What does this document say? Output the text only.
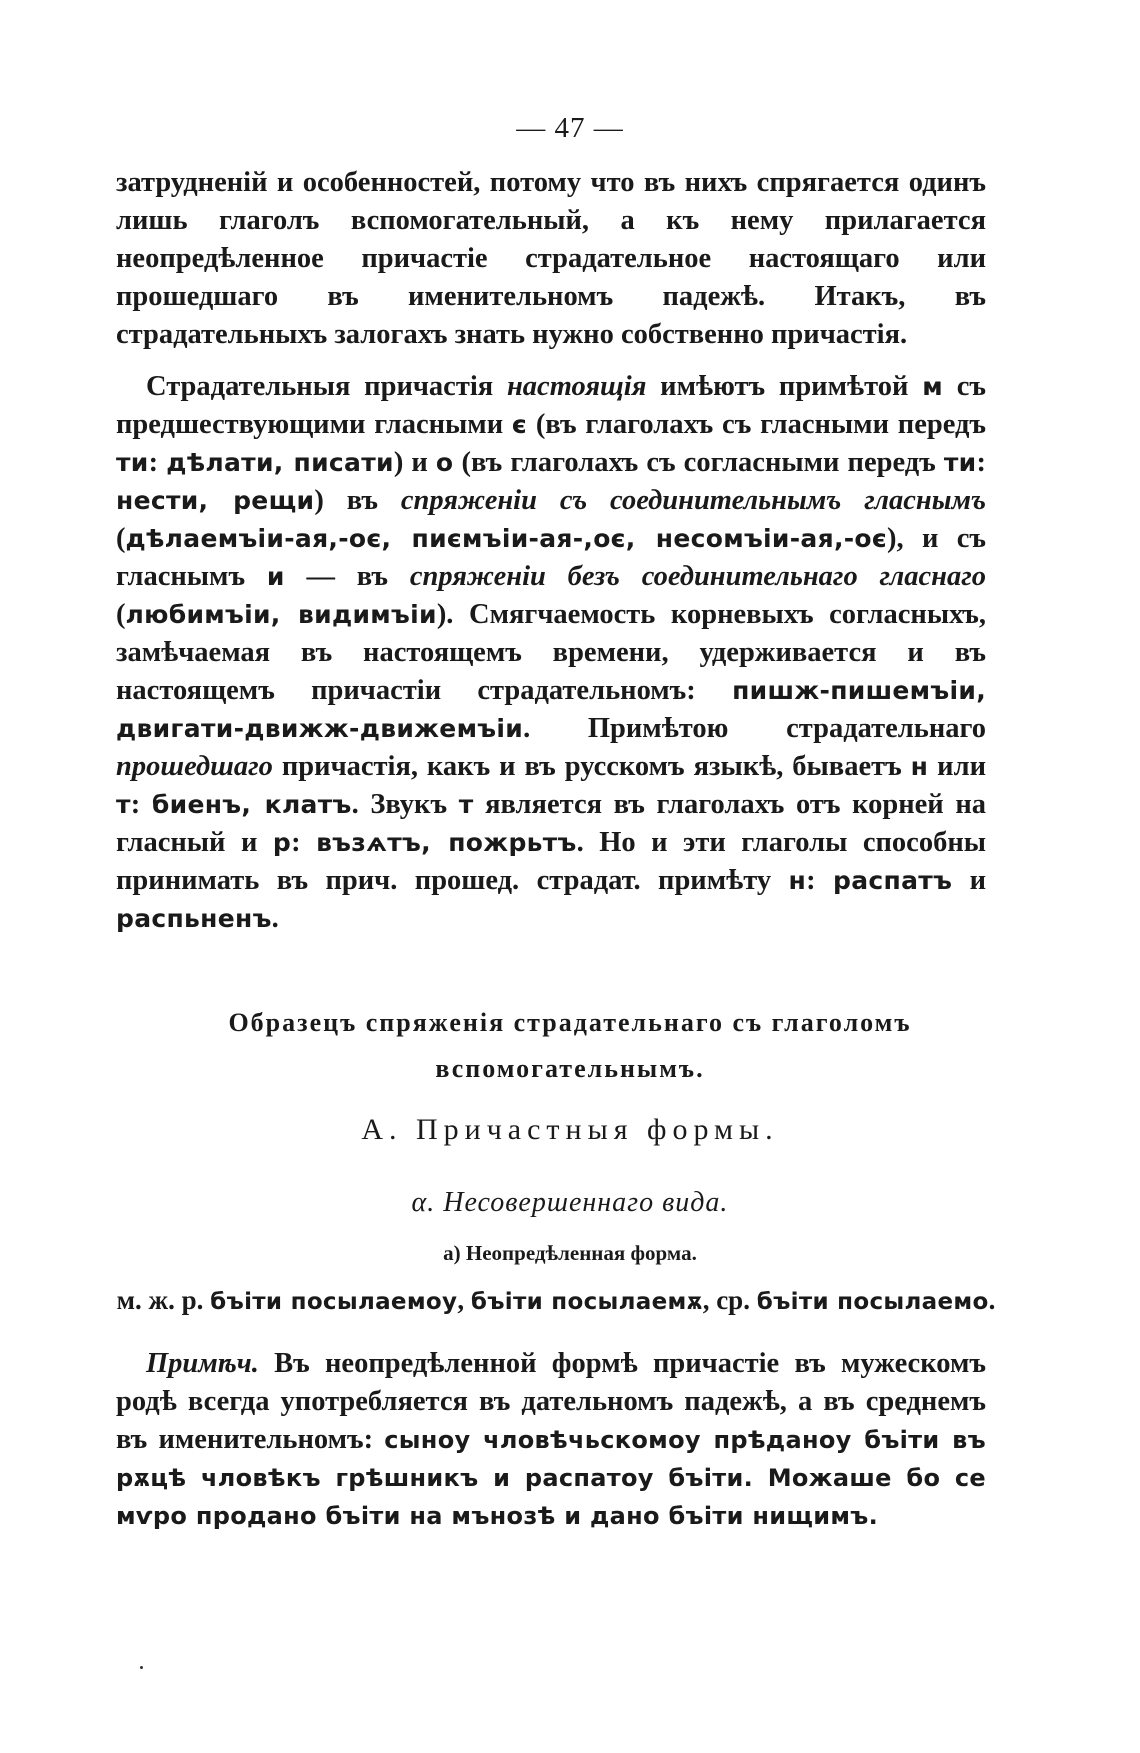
— 47 —
затрудненій и особенностей, потому что въ нихъ спрягается одинъ лишь глаголъ вспомогательный, а къ нему прилагается неопредѣленное причастіе страдательное настоящаго или прошедшаго въ именительномъ падежѣ. Итакъ, въ страдательныхъ залогахъ знать нужно собственно причастія.
Страдательныя причастія настоящія имѣютъ примѣтой м съ предшествующими гласными є (въ глаголахъ съ гласными передъ ти: дѣлати, писати) и о (въ глаголахъ съ согласными передъ ти: нести, рещи) въ спряженіи съ соединительнымъ гласнымъ (дѣлаемъіи-ая,-оє, пиємъіи-ая-,оє, несомъіи-ая,-оє), и съ гласнымъ и — въ спряженіи безъ соединительнаго гласнаго (любимъіи, видимъіи). Смягчаемость корневыхъ согласныхъ, замѣчаемая въ настоящемъ времени, удерживается и въ настоящемъ причастіи страдательномъ: пишж-пишемъіи, двигати-движж-движемъіи. Примѣтою страдательнаго прошедшаго причастія, какъ и въ русскомъ языкѣ, бываетъ н или т: биенъ, клатъ. Звукъ т является въ глаголахъ отъ корней на гласный и р: възѧтъ, пожрьтъ. Но и эти глаголы способны принимать въ прич. прошед. страдат. примѣту н: распатъ и распьненъ.
Образецъ спряженія страдательнаго съ глаголомъ
вспомогательнымъ.
А. Причастныя формы.
α. Несовершеннаго вида.
а) Неопредѣленная форма.
м. ж. р. бъіти посылаемоу, бъіти посылаемѫ, ср. бъіти посылаемо.
Примѣч. Въ неопредѣленной формѣ причастіе въ мужескомъ родѣ всегда употребляется въ дательномъ падежѣ, а въ среднемъ въ именительномъ: сыноу чловѣчьскомоу прѣданоу бъіти въ рѫцѣ чловѣкъ грѣшникъ и распатоу бъіти. Можаше бо се мѵро продано бъіти на мънозѣ и дано бъіти нищимъ.
